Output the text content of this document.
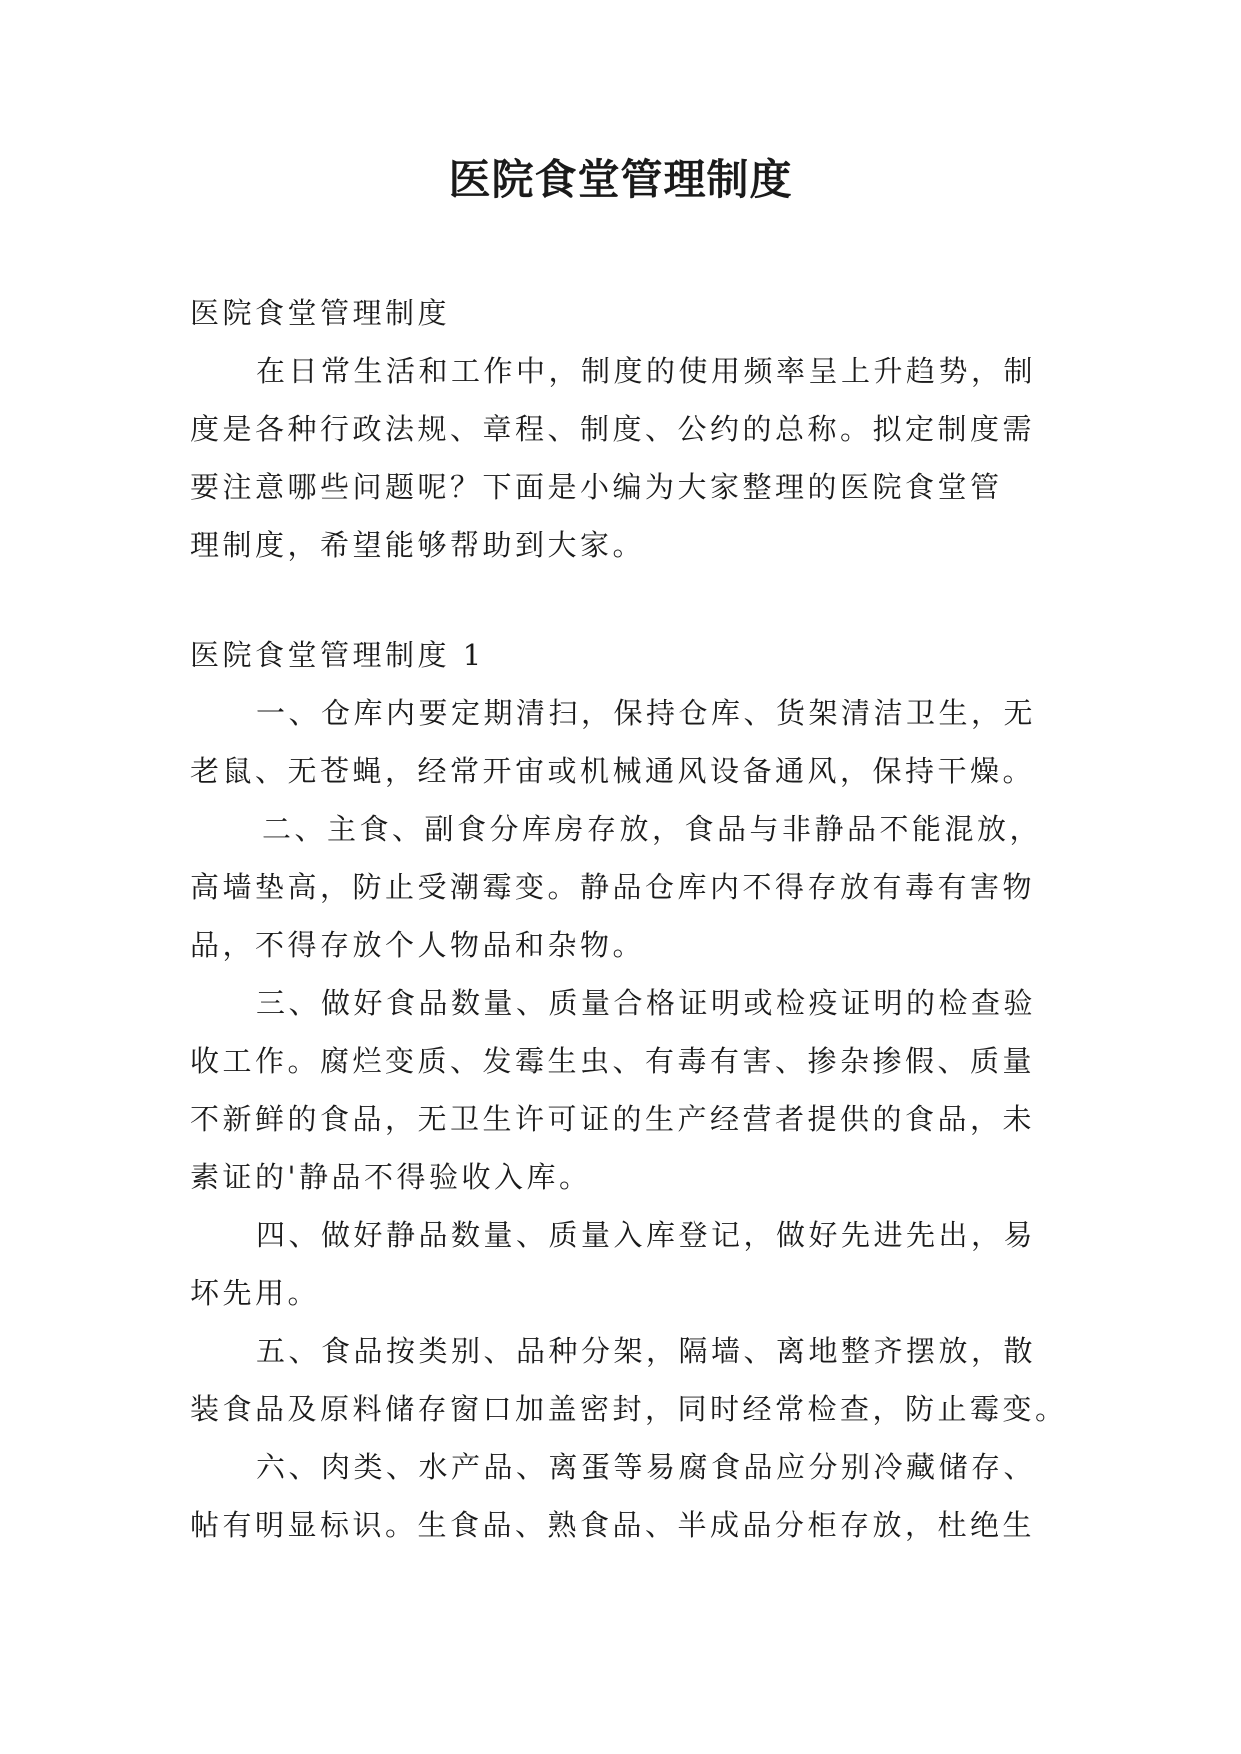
医院食堂管理制度

医院食堂管理制度

在日常生活和工作中，制度的使用频率呈上升趋势，制

度是各种行政法规、章程、制度、公约的总称。拟定制度需

要注意哪些问题呢？下面是小编为大家整理的医院食堂管

理制度，希望能够帮助到大家。

医院食堂管理制度 1

一、仓库内要定期清扫，保持仓库、货架清洁卫生，无

老鼠、无苍蝇，经常开宙或机械通风设备通风，保持干燥。

二、主食、副食分库房存放，食品与非静品不能混放，

高墙垫高，防止受潮霉变。静品仓库内不得存放有毒有害物

品，不得存放个人物品和杂物。

三、做好食品数量、质量合格证明或检疫证明的检查验

收工作。腐烂变质、发霉生虫、有毒有害、掺杂掺假、质量

不新鲜的食品，无卫生许可证的生产经营者提供的食品，未

素证的'静品不得验收入库。

四、做好静品数量、质量入库登记，做好先进先出，易

坏先用。

五、食品按类别、品种分架，隔墙、离地整齐摆放，散

装食品及原料储存窗口加盖密封，同时经常检查，防止霉变。

六、肉类、水产品、离蛋等易腐食品应分别冷藏储存、

帖有明显标识。生食品、熟食品、半成品分柜存放，杜绝生
